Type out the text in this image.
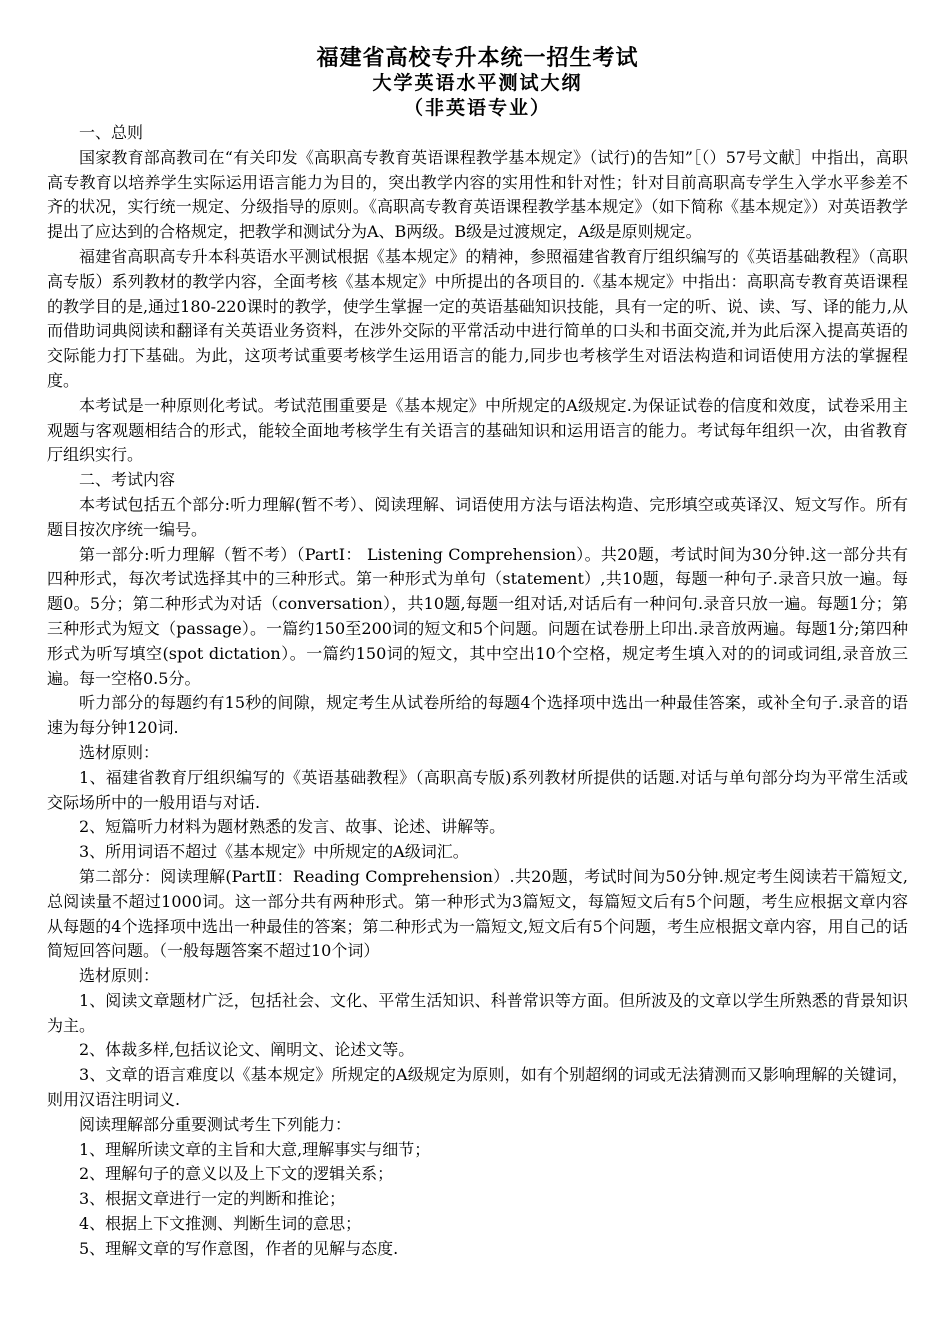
福建省高校专升本统一招生考试
大学英语水平测试大纲
（非英语专业）

一、总则

国家教育部高教司在“有关印发《高职高专教育英语课程教学基本规定》（试行)的告知”［（）57号文献］中指出，高职高专教育以培养学生实际运用语言能力为目的，突出教学内容的实用性和针对性；针对目前高职高专学生入学水平参差不齐的状况，实行统一规定、分级指导的原则。《高职高专教育英语课程教学基本规定》（如下简称《基本规定》）对英语教学提出了应达到的合格规定，把教学和测试分为A、B两级。B级是过渡规定，A级是原则规定。

福建省高职高专升本科英语水平测试根据《基本规定》的精神，参照福建省教育厅组织编写的《英语基础教程》（高职高专版）系列教材的教学内容，全面考核《基本规定》中所提出的各项目的.《基本规定》中指出：高职高专教育英语课程的教学目的是,通过180-220课时的教学，使学生掌握一定的英语基础知识技能，具有一定的听、说、读、写、译的能力,从而借助词典阅读和翻译有关英语业务资料，在涉外交际的平常活动中进行简单的口头和书面交流,并为此后深入提高英语的交际能力打下基础。为此，这项考试重要考核学生运用语言的能力,同步也考核学生对语法构造和词语使用方法的掌握程度。

本考试是一种原则化考试。考试范围重要是《基本规定》中所规定的A级规定.为保证试卷的信度和效度，试卷采用主观题与客观题相结合的形式，能较全面地考核学生有关语言的基础知识和运用语言的能力。考试每年组织一次，由省教育厅组织实行。

二、考试内容

本考试包括五个部分:听力理解(暂不考）、阅读理解、词语使用方法与语法构造、完形填空或英译汉、短文写作。所有题目按次序统一编号。

第一部分:听力理解（暂不考）（PartⅠ： Listening Comprehension）。共20题，考试时间为30分钟.这一部分共有四种形式，每次考试选择其中的三种形式。第一种形式为单句（statement）,共10题，每题一种句子.录音只放一遍。每题0。5分；第二种形式为对话（conversation），共10题,每题一组对话,对话后有一种问句.录音只放一遍。每题1分；第三种形式为短文（passage）。一篇约150至200词的短文和5个问题。问题在试卷册上印出.录音放两遍。每题1分;第四种形式为听写填空(spot dictation）。一篇约150词的短文，其中空出10个空格，规定考生填入对的的词或词组,录音放三遍。每一空格0.5分。

听力部分的每题约有15秒的间隙，规定考生从试卷所给的每题4个选择项中选出一种最佳答案，或补全句子.录音的语速为每分钟120词.

选材原则：

1、福建省教育厅组织编写的《英语基础教程》（高职高专版)系列教材所提供的话题.对话与单句部分均为平常生活或交际场所中的一般用语与对话.

2、短篇听力材料为题材熟悉的发言、故事、论述、讲解等。

3、所用词语不超过《基本规定》中所规定的A级词汇。

第二部分：阅读理解(PartⅡ：Reading Comprehension）.共20题，考试时间为50分钟.规定考生阅读若干篇短文,总阅读量不超过1000词。这一部分共有两种形式。第一种形式为3篇短文，每篇短文后有5个问题，考生应根据文章内容从每题的4个选择项中选出一种最佳的答案；第二种形式为一篇短文,短文后有5个问题，考生应根据文章内容，用自己的话简短回答问题。（一般每题答案不超过10个词）

选材原则：

1、阅读文章题材广泛，包括社会、文化、平常生活知识、科普常识等方面。但所波及的文章以学生所熟悉的背景知识为主。

2、体裁多样,包括议论文、阐明文、论述文等。

3、文章的语言难度以《基本规定》所规定的A级规定为原则，如有个别超纲的词或无法猜测而又影响理解的关键词，则用汉语注明词义.

阅读理解部分重要测试考生下列能力：

1、理解所读文章的主旨和大意,理解事实与细节；

2、理解句子的意义以及上下文的逻辑关系；

3、根据文章进行一定的判断和推论；

4、根据上下文推测、判断生词的意思；

5、理解文章的写作意图，作者的见解与态度.
